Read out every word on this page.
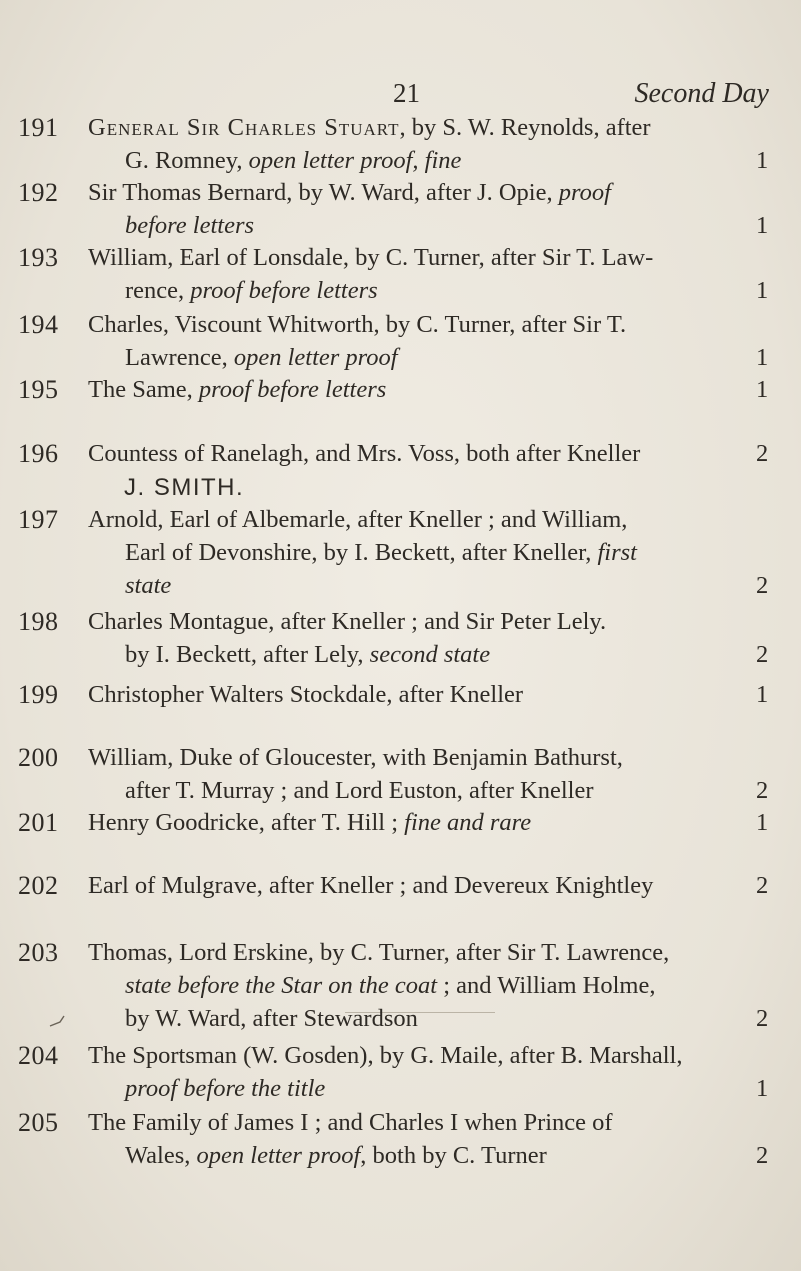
21	Second Day
J. SMITH.
191 General Sir Charles Stuart, by S. W. Reynolds, after
G. Romney, open letter proof, fine	1
192 Sir Thomas Bernard, by W. Ward, after J. Opie, proof
before letters	1
193 William, Earl of Lonsdale, by C. Turner, after Sir T. Law-
rence, proof before letters	1
194 Charles, Viscount Whitworth, by C. Turner, after Sir T.
Lawrence, open letter proof	1
195 The Same, proof before letters	1
196 Countess of Ranelagh, and Mrs. Voss, both after Kneller	2
197 Arnold, Earl of Albemarle, after Kneller ; and William,
Earl of Devonshire, by I. Beckett, after Kneller, first
state	2
198 Charles Montague, after Kneller ; and Sir Peter Lely.
by I. Beckett, after Lely, second state	2
199 Christopher Walters Stockdale, after Kneller	1
200 William, Duke of Gloucester, with Benjamin Bathurst,
after T. Murray ; and Lord Euston, after Kneller	2
201 Henry Goodricke, after T. Hill ; fine and rare	1
202 Earl of Mulgrave, after Kneller ; and Devereux Knightley	2
203 Thomas, Lord Erskine, by C. Turner, after Sir T. Lawrence,
state before the Star on the coat ; and William Holme,
by W. Ward, after Stewardson	2
204 The Sportsman (W. Gosden), by G. Maile, after B. Marshall,
proof before the title	1
205 The Family of James I ; and Charles I when Prince of
Wales, open letter proof, both by C. Turner	2
